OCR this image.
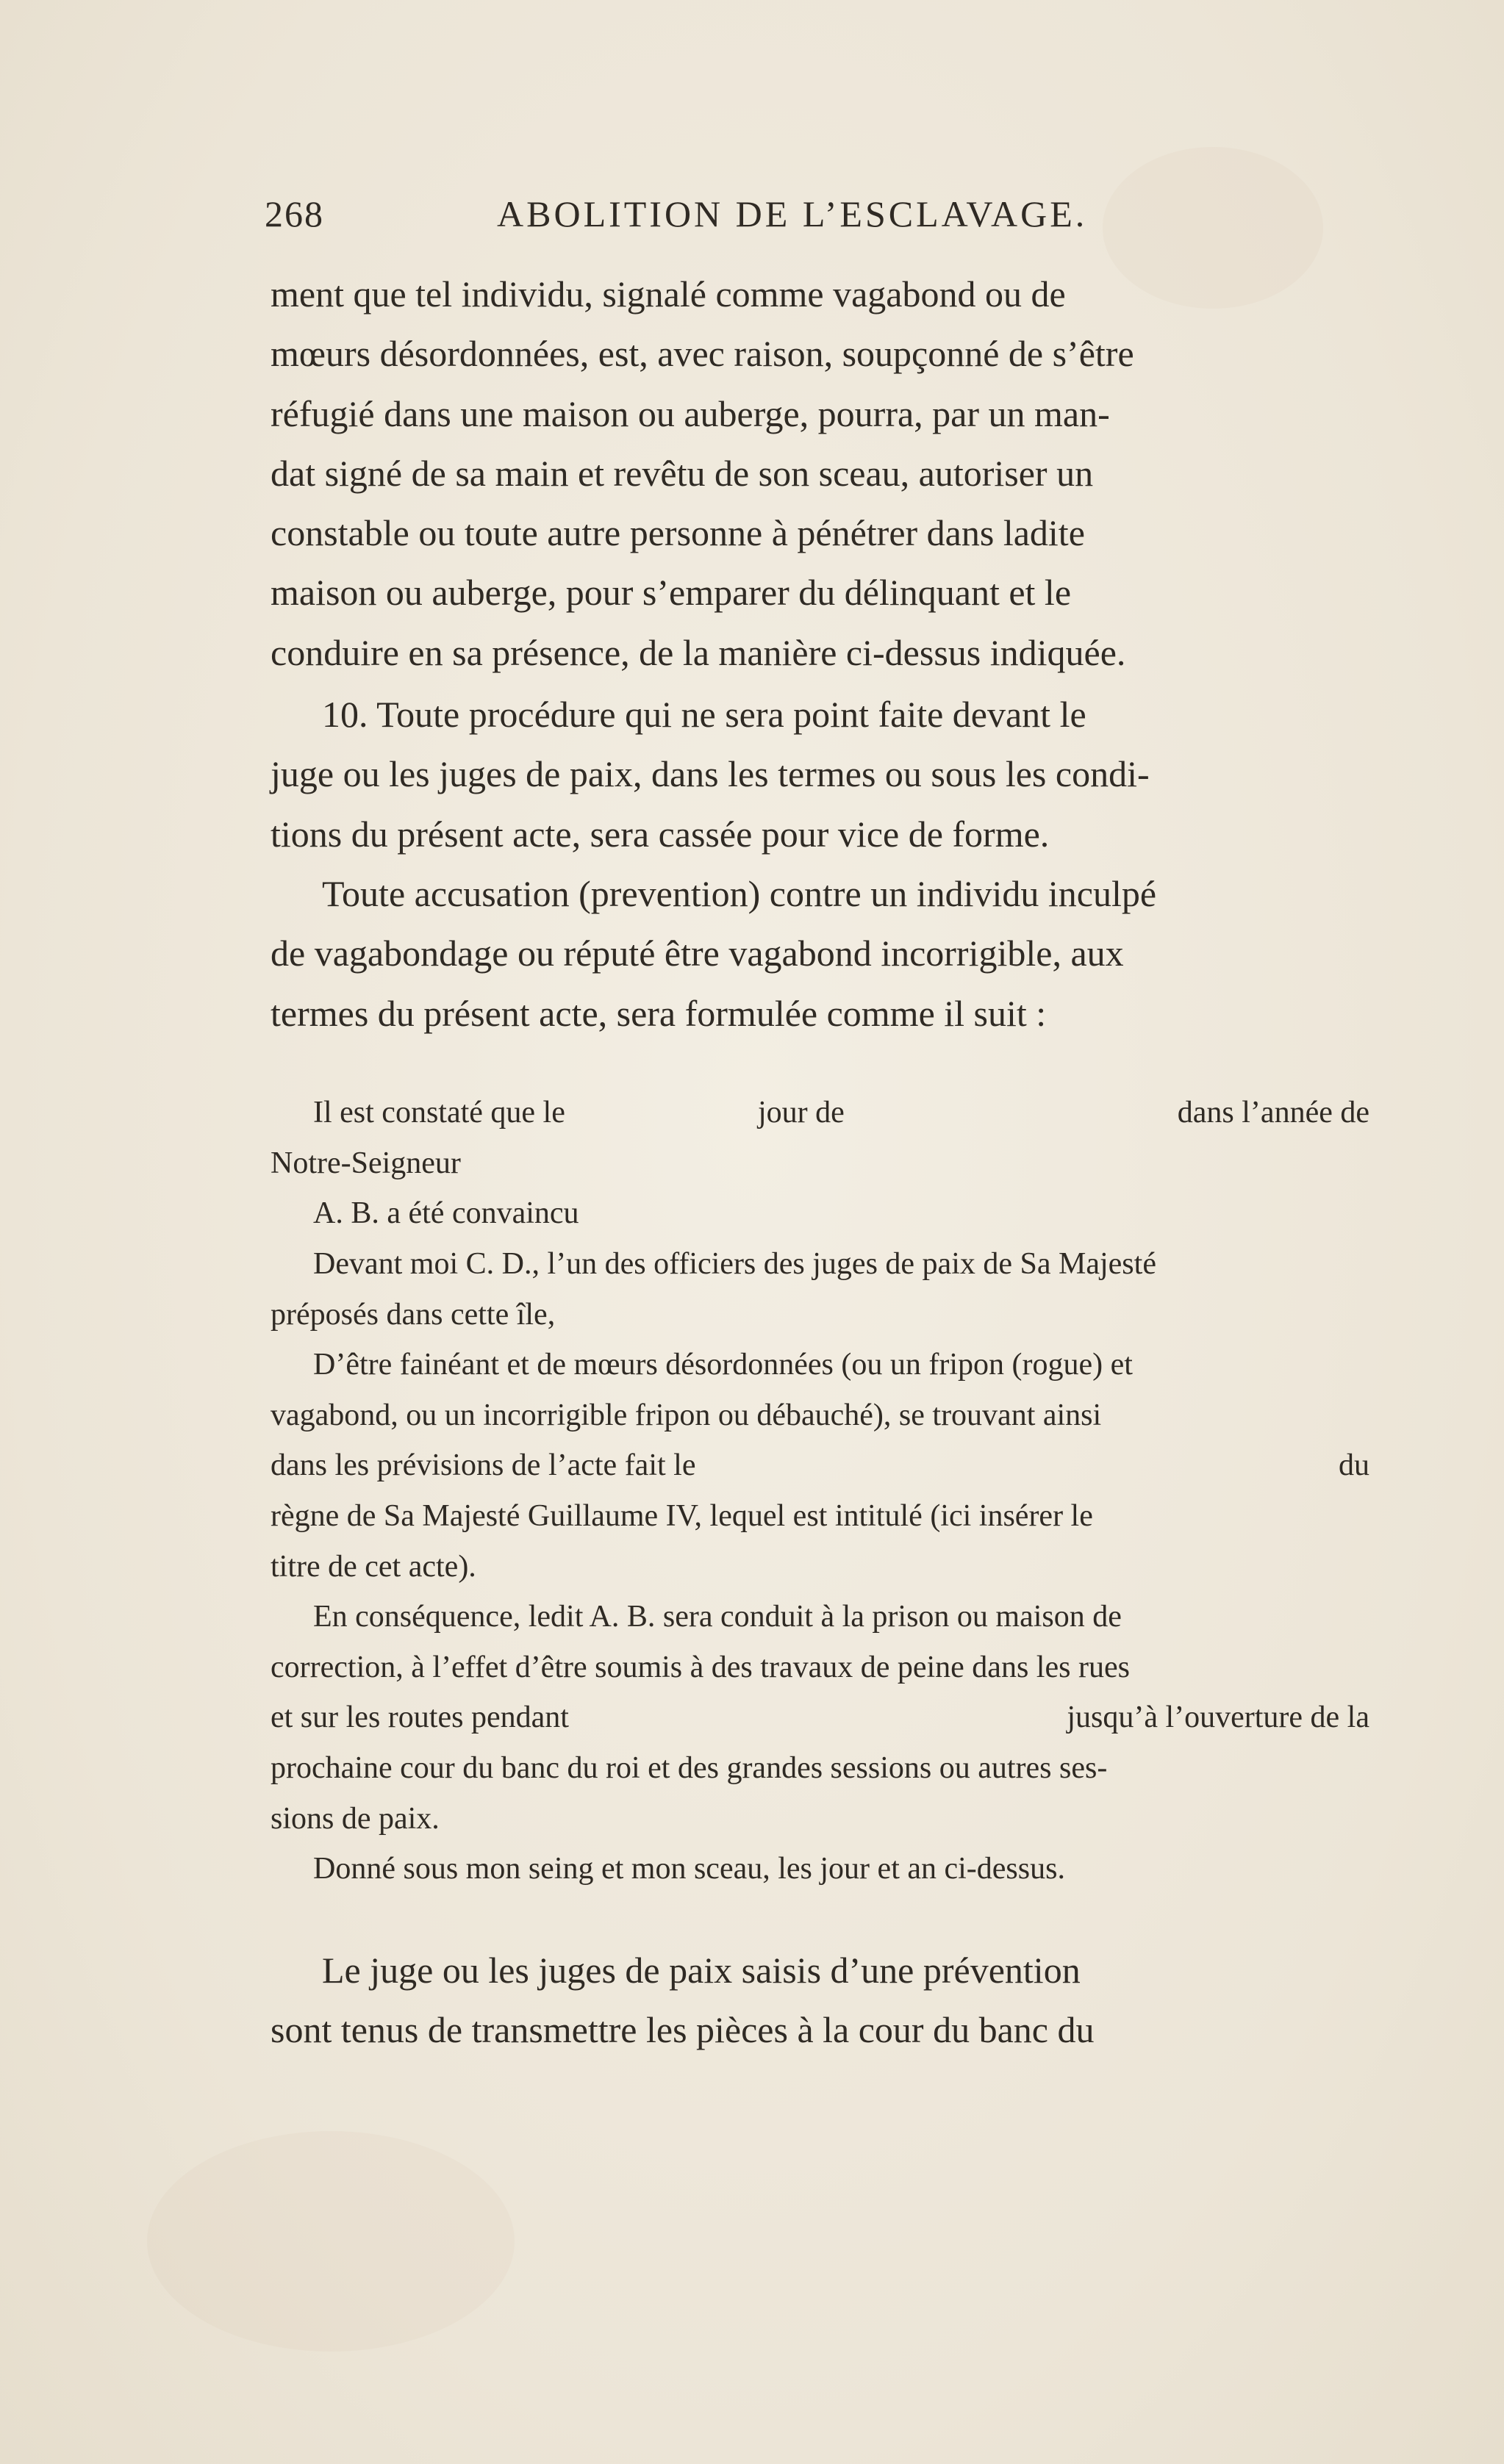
268	ABOLITION DE L’ESCLAVAGE.
ment que tel individu, signalé comme vagabond ou de
mœurs désordonnées, est, avec raison, soupçonné de s’être
réfugié dans une maison ou auberge, pourra, par un man-
dat signé de sa main et revêtu de son sceau, autoriser un
constable ou toute autre personne à pénétrer dans ladite
maison ou auberge, pour s’emparer du délinquant et le
conduire en sa présence, de la manière ci-dessus indiquée.
10. Toute procédure qui ne sera point faite devant le
juge ou les juges de paix, dans les termes ou sous les condi-
tions du présent acte, sera cassée pour vice de forme.
Toute accusation (prevention) contre un individu inculpé
de vagabondage ou réputé être vagabond incorrigible, aux
termes du présent acte, sera formulée comme il suit :
Il est constaté que le	jour de	dans l’année de
Notre-Seigneur
A. B. a été convaincu
Devant moi C. D., l’un des officiers des juges de paix de Sa Majesté
préposés dans cette île,
D’être fainéant et de mœurs désordonnées (ou un fripon (rogue) et
vagabond, ou un incorrigible fripon ou débauché), se trouvant ainsi
dans les prévisions de l’acte fait le	du
règne de Sa Majesté Guillaume IV, lequel est intitulé (ici insérer le
titre de cet acte).
En conséquence, ledit A. B. sera conduit à la prison ou maison de
correction, à l’effet d’être soumis à des travaux de peine dans les rues
et sur les routes pendant	jusqu’à l’ouverture de la
prochaine cour du banc du roi et des grandes sessions ou autres ses-
sions de paix.
Donné sous mon seing et mon sceau, les jour et an ci-dessus.
Le juge ou les juges de paix saisis d’une prévention
sont tenus de transmettre les pièces à la cour du banc du
